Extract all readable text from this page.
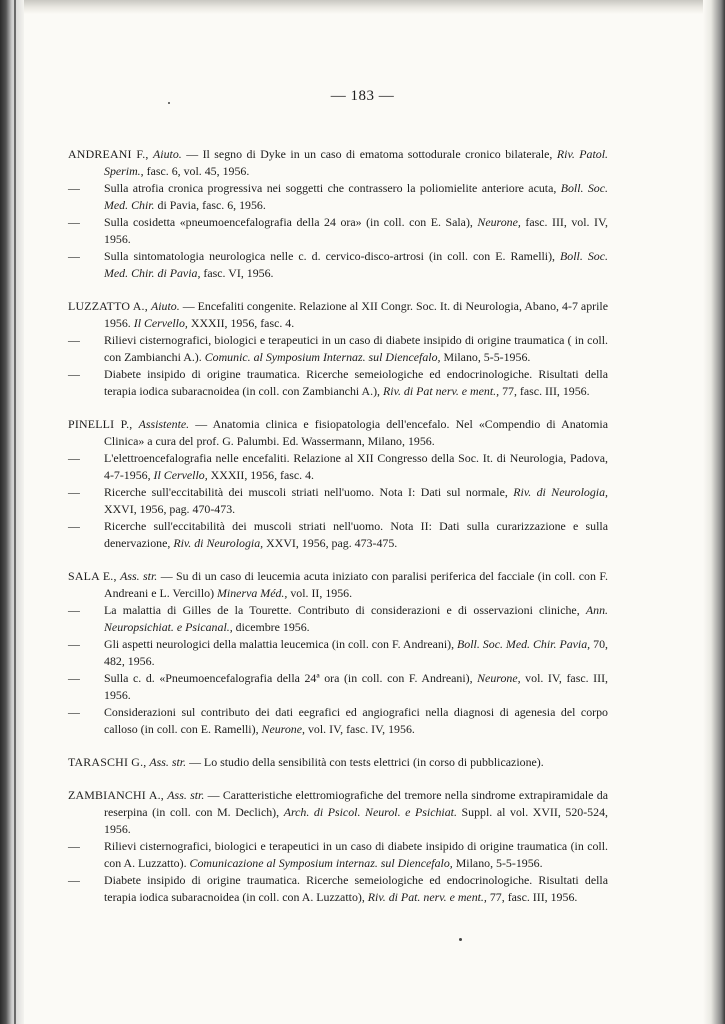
— 183 —
ANDREANI F., Aiuto. — Il segno di Dyke in un caso di ematoma sottodurale cronico bilaterale, Riv. Patol. Sperim., fasc. 6, vol. 45, 1956.
— Sulla atrofia cronica progressiva nei soggetti che contrassero la poliomielite anteriore acuta, Boll. Soc. Med. Chir. di Pavia, fasc. 6, 1956.
— Sulla cosidetta «pneumoencefalografia della 24 ora» (in coll. con E. Sala), Neurone, fasc. III, vol. IV, 1956.
— Sulla sintomatologia neurologica nelle c. d. cervico-disco-artrosi (in coll. con E. Ramelli), Boll. Soc. Med. Chir. di Pavia, fasc. VI, 1956.
LUZZATTO A., Aiuto. — Encefaliti congenite. Relazione al XII Congr. Soc. It. di Neurologia, Abano, 4-7 aprile 1956. Il Cervello, XXXII, 1956, fasc. 4.
— Rilievi cisternografici, biologici e terapeutici in un caso di diabete insipido di origine traumatica ( in coll. con Zambianchi A.). Comunic. al Symposium Internaz. sul Diencefalo, Milano, 5-5-1956.
— Diabete insipido di origine traumatica. Ricerche semeiologiche ed endocrinologiche. Risultati della terapia iodica subaracnoidea (in coll. con Zambianchi A.), Riv. di Pat nerv. e ment., 77, fasc. III, 1956.
PINELLI P., Assistente. — Anatomia clinica e fisiopatologia dell'encefalo. Nel «Compendio di Anatomia Clinica» a cura del prof. G. Palumbi. Ed. Wassermann, Milano, 1956.
— L'elettroencefalografia nelle encefaliti. Relazione al XII Congresso della Soc. It. di Neurologia, Padova, 4-7-1956, Il Cervello, XXXII, 1956, fasc. 4.
— Ricerche sull'eccitabilità dei muscoli striati nell'uomo. Nota I: Dati sul normale, Riv. di Neurologia, XXVI, 1956, pag. 470-473.
— Ricerche sull'eccitabilità dei muscoli striati nell'uomo. Nota II: Dati sulla curarizzazione e sulla denervazione, Riv. di Neurologia, XXVI, 1956, pag. 473-475.
SALA E., Ass. str. — Su di un caso di leucemia acuta iniziato con paralisi periferica del facciale (in coll. con F. Andreani e L. Vercillo) Minerva Méd., vol. II, 1956.
— La malattia di Gilles de la Tourette. Contributo di considerazioni e di osservazioni cliniche, Ann. Neuropsichiat. e Psicanal., dicembre 1956.
— Gli aspetti neurologici della malattia leucemica (in coll. con F. Andreani), Boll. Soc. Med. Chir. Pavia, 70, 482, 1956.
— Sulla c. d. «Pneumoencefalografia della 24ª ora (in coll. con F. Andreani), Neurone, vol. IV, fasc. III, 1956.
— Considerazioni sul contributo dei dati eegrafici ed angiografici nella diagnosi di agenesia del corpo calloso (in coll. con E. Ramelli), Neurone, vol. IV, fasc. IV, 1956.
TARASCHI G., Ass. str. — Lo studio della sensibilità con tests elettrici (in corso di pubblicazione).
ZAMBIANCHI A., Ass. str. — Caratteristiche elettromiografiche del tremore nella sindrome extrapiramidale da reserpina (in coll. con M. Declich), Arch. di Psicol. Neurol. e Psichiat. Suppl. al vol. XVII, 520-524, 1956.
— Rilievi cisternografici, biologici e terapeutici in un caso di diabete insipido di origine traumatica (in coll. con A. Luzzatto). Comunicazione al Symposium internaz. sul Diencefalo, Milano, 5-5-1956.
— Diabete insipido di origine traumatica. Ricerche semeiologiche ed endocrinologiche. Risultati della terapia iodica subaracnoidea (in coll. con A. Luzzatto), Riv. di Pat. nerv. e ment., 77, fasc. III, 1956.
